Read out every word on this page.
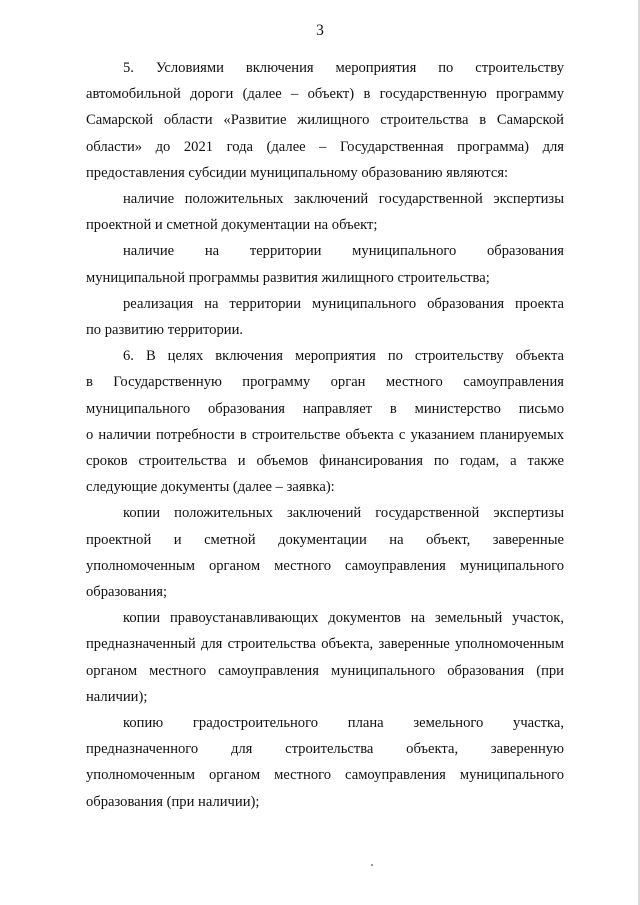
3
5. Условиями включения мероприятия по строительству
автомобильной дороги (далее – объект) в государственную программу
Самарской области «Развитие жилищного строительства в Самарской
области» до 2021 года (далее – Государственная программа) для
предоставления субсидии муниципальному образованию являются:
наличие положительных заключений государственной экспертизы
проектной и сметной документации на объект;
наличие на территории муниципального образования
муниципальной программы развития жилищного строительства;
реализация на территории муниципального образования проекта
по развитию территории.
6. В целях включения мероприятия по строительству объекта
в Государственную программу орган местного самоуправления
муниципального образования направляет в министерство письмо
о наличии потребности в строительстве объекта с указанием планируемых
сроков строительства и объемов финансирования по годам, а также
следующие документы (далее – заявка):
копии положительных заключений государственной экспертизы
проектной и сметной документации на объект, заверенные
уполномоченным органом местного самоуправления муниципального
образования;
копии правоустанавливающих документов на земельный участок,
предназначенный для строительства объекта, заверенные уполномоченным
органом местного самоуправления муниципального образования (при
наличии);
копию градостроительного плана земельного участка,
предназначенного для строительства объекта, заверенную
уполномоченным органом местного самоуправления муниципального
образования (при наличии);
